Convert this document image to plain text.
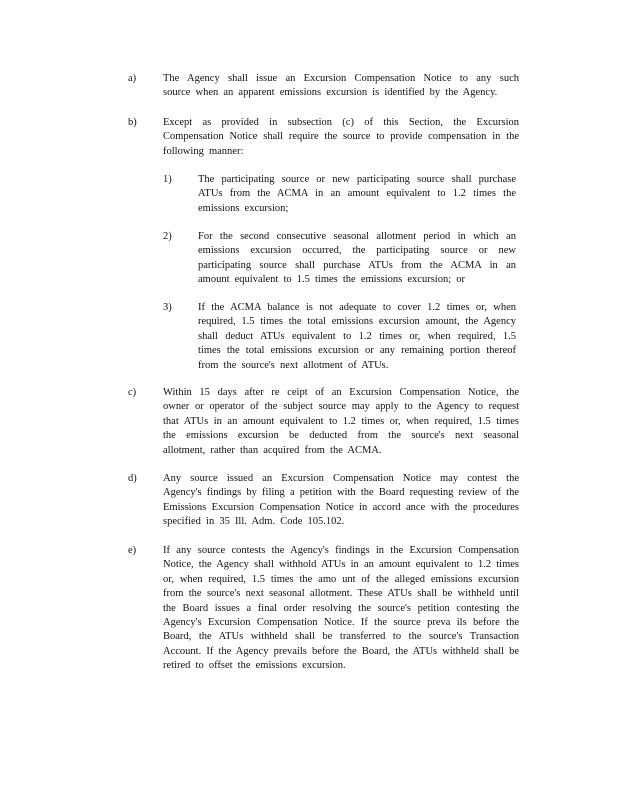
a)	The Agency shall issue an Excursion Compensation Notice to any such source when an apparent emissions excursion is identified by the Agency.
b)	Except as provided in subsection (c) of this Section, the Excursion Compensation Notice shall require the source to provide compensation in the following manner:
1)	The participating source or new participating source shall purchase ATUs from the ACMA in an amount equivalent to 1.2 times the emissions excursion;
2)	For the second consecutive seasonal allotment period in which an emissions excursion occurred, the participating source or new participating source shall purchase ATUs from the ACMA in an amount equivalent to 1.5 times the emissions excursion; or
3)	If the ACMA balance is not adequate to cover 1.2 times or, when required, 1.5 times the total emissions excursion amount, the Agency shall deduct ATUs equivalent to 1.2 times or, when required, 1.5 times the total emissions excursion or any remaining portion thereof from the source's next allotment of ATUs.
c)	Within 15 days after re ceipt of an Excursion Compensation Notice, the owner or operator of the subject source may apply to the Agency to request that ATUs in an amount equivalent to 1.2 times or, when required, 1.5 times the emissions excursion be deducted from the source's next seasonal allotment, rather than acquired from the ACMA.
d)	Any source issued an Excursion Compensation Notice may contest the Agency's findings by filing a petition with the Board requesting review of the Emissions Excursion Compensation Notice in accord ance with the procedures specified in 35 Ill. Adm. Code 105.102.
e)	If any source contests the Agency's findings in the Excursion Compensation Notice, the Agency shall withhold ATUs in an amount equivalent to 1.2 times or, when required, 1.5 times the amo unt of the alleged emissions excursion from the source's next seasonal allotment. These ATUs shall be withheld until the Board issues a final order resolving the source's petition contesting the Agency's Excursion Compensation Notice. If the source preva ils before the Board, the ATUs withheld shall be transferred to the source's Transaction Account. If the Agency prevails before the Board, the ATUs withheld shall be retired to offset the emissions excursion.
